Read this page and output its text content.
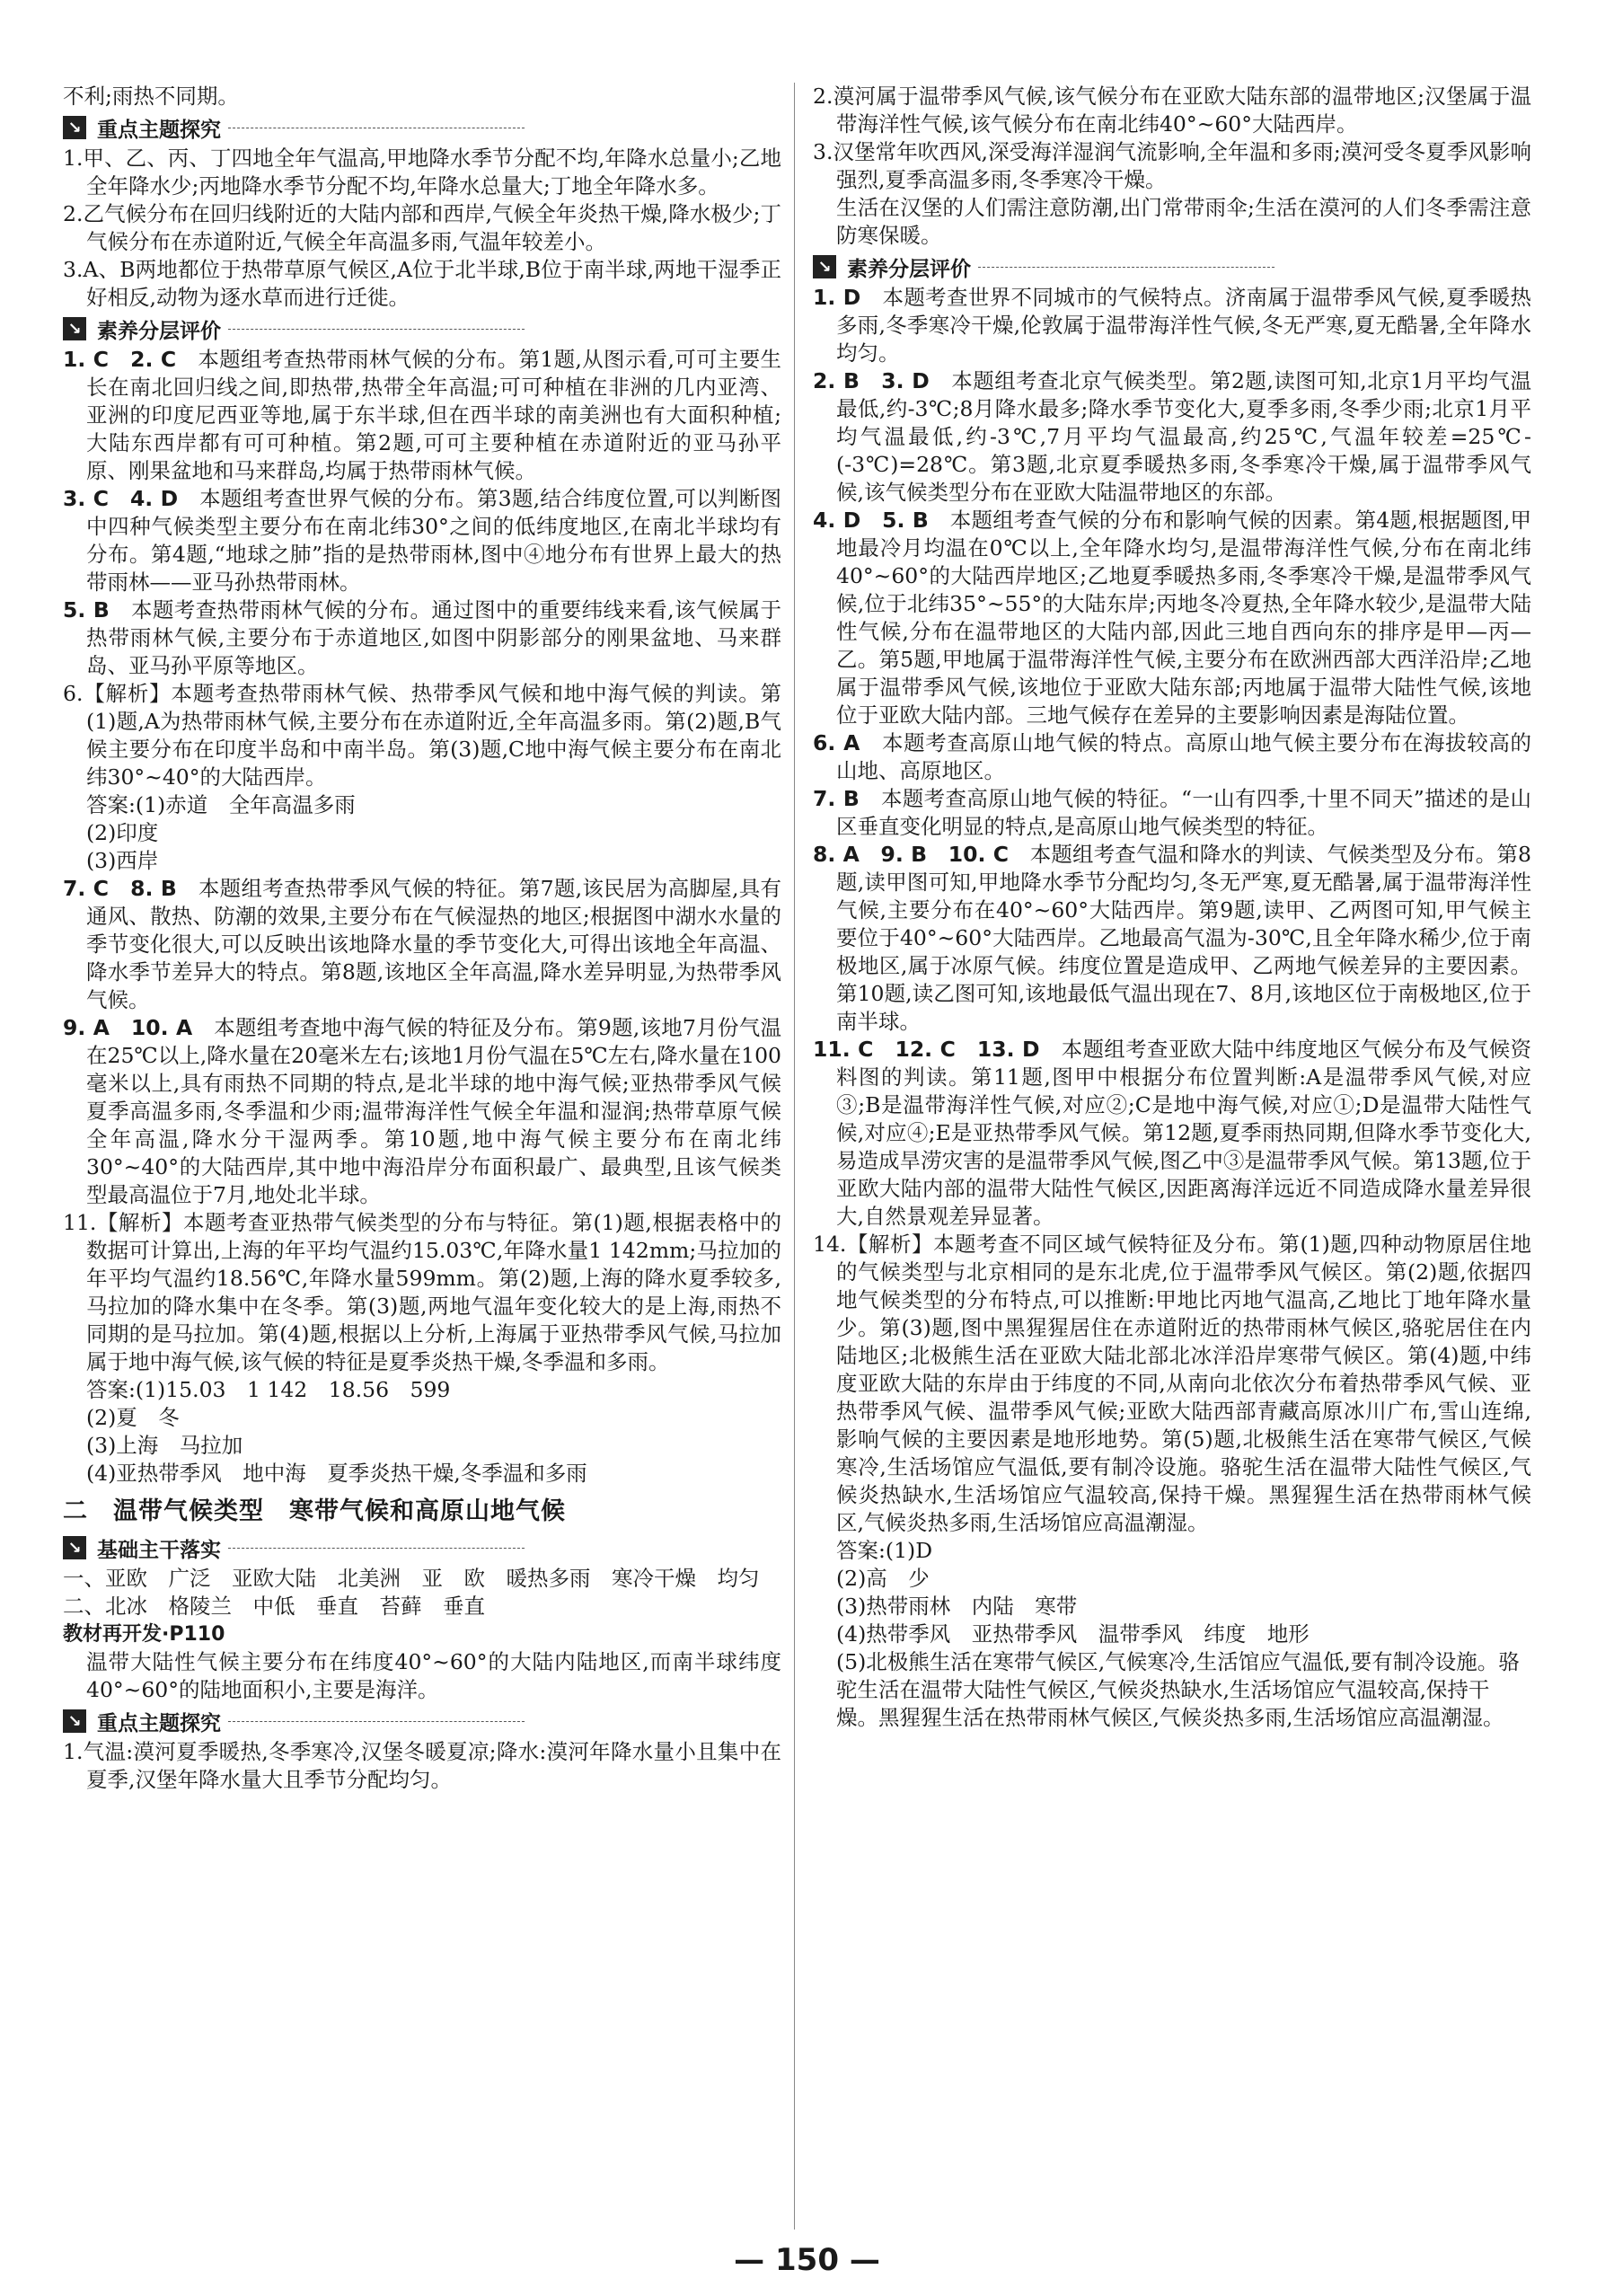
不利;雨热不同期。

↘ 重点主题探究

1.甲、乙、丙、丁四地全年气温高,甲地降水季节分配不均,年降水总量小;乙地全年降水少;丙地降水季节分配不均,年降水总量大;丁地全年降水多。

2.乙气候分布在回归线附近的大陆内部和西岸,气候全年炎热干燥,降水极少;丁气候分布在赤道附近,气候全年高温多雨,气温年较差小。

3.A、B两地都位于热带草原气候区,A位于北半球,B位于南半球,两地干湿季正好相反,动物为逐水草而进行迁徙。

↘ 素养分层评价

1. C　2. C　 本题组考查热带雨林气候的分布。第1题,从图示看,可可主要生长在南北回归线之间,即热带,热带全年高温;可可种植在非洲的几内亚湾、亚洲的印度尼西亚等地,属于东半球,但在西半球的南美洲也有大面积种植;大陆东西岸都有可可种植。第2题,可可主要种植在赤道附近的亚马孙平原、刚果盆地和马来群岛,均属于热带雨林气候。

3. C　4. D　 本题组考查世界气候的分布。第3题,结合纬度位置,可以判断图中四种气候类型主要分布在南北纬30°之间的低纬度地区,在南北半球均有分布。第4题,“地球之肺”指的是热带雨林,图中④地分布有世界上最大的热带雨林——亚马孙热带雨林。

5. B　 本题考查热带雨林气候的分布。通过图中的重要纬线来看,该气候属于热带雨林气候,主要分布于赤道地区,如图中阴影部分的刚果盆地、马来群岛、亚马孙平原等地区。

6.【解析】本题考查热带雨林气候、热带季风气候和地中海气候的判读。第(1)题,A为热带雨林气候,主要分布在赤道附近,全年高温多雨。第(2)题,B气候主要分布在印度半岛和中南半岛。第(3)题,C地中海气候主要分布在南北纬30°~40°的大陆西岸。

答案:(1)赤道　全年高温多雨

(2)印度

(3)西岸

7. C　8. B　 本题组考查热带季风气候的特征。第7题,该民居为高脚屋,具有通风、散热、防潮的效果,主要分布在气候湿热的地区;根据图中湖水水量的季节变化很大,可以反映出该地降水量的季节变化大,可得出该地全年高温、降水季节差异大的特点。第8题,该地区全年高温,降水差异明显,为热带季风气候。

9. A　10. A　 本题组考查地中海气候的特征及分布。第9题,该地7月份气温在25℃以上,降水量在20毫米左右;该地1月份气温在5℃左右,降水量在100毫米以上,具有雨热不同期的特点,是北半球的地中海气候;亚热带季风气候夏季高温多雨,冬季温和少雨;温带海洋性气候全年温和湿润;热带草原气候全年高温,降水分干湿两季。第10题,地中海气候主要分布在南北纬30°~40°的大陆西岸,其中地中海沿岸分布面积最广、最典型,且该气候类型最高温位于7月,地处北半球。

11.【解析】本题考查亚热带气候类型的分布与特征。第(1)题,根据表格中的数据可计算出,上海的年平均气温约15.03℃,年降水量1 142mm;马拉加的年平均气温约18.56℃,年降水量599mm。第(2)题,上海的降水夏季较多,马拉加的降水集中在冬季。第(3)题,两地气温年变化较大的是上海,雨热不同期的是马拉加。第(4)题,根据以上分析,上海属于亚热带季风气候,马拉加属于地中海气候,该气候的特征是夏季炎热干燥,冬季温和多雨。

答案:(1)15.03　1 142　18.56　599

(2)夏　冬

(3)上海　马拉加

(4)亚热带季风　地中海　夏季炎热干燥,冬季温和多雨

二　温带气候类型　寒带气候和高原山地气候
↘ 基础主干落实

一、亚欧　广泛　亚欧大陆　北美洲　亚　欧　暖热多雨　寒冷干燥　均匀

二、北冰　格陵兰　中低　垂直　苔藓　垂直

教材再开发·P110

温带大陆性气候主要分布在纬度40°~60°的大陆内陆地区,而南半球纬度40°~60°的陆地面积小,主要是海洋。

↘ 重点主题探究

1.气温:漠河夏季暖热,冬季寒冷,汉堡冬暖夏凉;降水:漠河年降水量小且集中在夏季,汉堡年降水量大且季节分配均匀。

2.漠河属于温带季风气候,该气候分布在亚欧大陆东部的温带地区;汉堡属于温带海洋性气候,该气候分布在南北纬40°~60°大陆西岸。

3.汉堡常年吹西风,深受海洋湿润气流影响,全年温和多雨;漠河受冬夏季风影响强烈,夏季高温多雨,冬季寒冷干燥。

生活在汉堡的人们需注意防潮,出门常带雨伞;生活在漠河的人们冬季需注意防寒保暖。

↘ 素养分层评价

1. D　 本题考查世界不同城市的气候特点。济南属于温带季风气候,夏季暖热多雨,冬季寒冷干燥,伦敦属于温带海洋性气候,冬无严寒,夏无酷暑,全年降水均匀。

2. B　3. D　 本题组考查北京气候类型。第2题,读图可知,北京1月平均气温最低,约-3℃;8月降水最多;降水季节变化大,夏季多雨,冬季少雨;北京1月平均气温最低,约-3℃,7月平均气温最高,约25℃,气温年较差=25℃-(-3℃)=28℃。第3题,北京夏季暖热多雨,冬季寒冷干燥,属于温带季风气候,该气候类型分布在亚欧大陆温带地区的东部。

4. D　5. B　 本题组考查气候的分布和影响气候的因素。第4题,根据题图,甲地最冷月均温在0℃以上,全年降水均匀,是温带海洋性气候,分布在南北纬40°~60°的大陆西岸地区;乙地夏季暖热多雨,冬季寒冷干燥,是温带季风气候,位于北纬35°~55°的大陆东岸;丙地冬冷夏热,全年降水较少,是温带大陆性气候,分布在温带地区的大陆内部,因此三地自西向东的排序是甲—丙—乙。第5题,甲地属于温带海洋性气候,主要分布在欧洲西部大西洋沿岸;乙地属于温带季风气候,该地位于亚欧大陆东部;丙地属于温带大陆性气候,该地位于亚欧大陆内部。三地气候存在差异的主要影响因素是海陆位置。

6. A　 本题考查高原山地气候的特点。高原山地气候主要分布在海拔较高的山地、高原地区。

7. B　 本题考查高原山地气候的特征。“一山有四季,十里不同天”描述的是山区垂直变化明显的特点,是高原山地气候类型的特征。

8. A　9. B　10. C　 本题组考查气温和降水的判读、气候类型及分布。第8题,读甲图可知,甲地降水季节分配均匀,冬无严寒,夏无酷暑,属于温带海洋性气候,主要分布在40°~60°大陆西岸。第9题,读甲、乙两图可知,甲气候主要位于40°~60°大陆西岸。乙地最高气温为-30℃,且全年降水稀少,位于南极地区,属于冰原气候。纬度位置是造成甲、乙两地气候差异的主要因素。第10题,读乙图可知,该地最低气温出现在7、8月,该地区位于南极地区,位于南半球。

11. C　12. C　13. D　 本题组考查亚欧大陆中纬度地区气候分布及气候资料图的判读。第11题,图甲中根据分布位置判断:A是温带季风气候,对应③;B是温带海洋性气候,对应②;C是地中海气候,对应①;D是温带大陆性气候,对应④;E是亚热带季风气候。第12题,夏季雨热同期,但降水季节变化大,易造成旱涝灾害的是温带季风气候,图乙中③是温带季风气候。第13题,位于亚欧大陆内部的温带大陆性气候区,因距离海洋远近不同造成降水量差异很大,自然景观差异显著。

14.【解析】本题考查不同区域气候特征及分布。第(1)题,四种动物原居住地的气候类型与北京相同的是东北虎,位于温带季风气候区。第(2)题,依据四地气候类型的分布特点,可以推断:甲地比丙地气温高,乙地比丁地年降水量少。第(3)题,图中黑猩猩居住在赤道附近的热带雨林气候区,骆驼居住在内陆地区;北极熊生活在亚欧大陆北部北冰洋沿岸寒带气候区。第(4)题,中纬度亚欧大陆的东岸由于纬度的不同,从南向北依次分布着热带季风气候、亚热带季风气候、温带季风气候;亚欧大陆西部青藏高原冰川广布,雪山连绵,影响气候的主要因素是地形地势。第(5)题,北极熊生活在寒带气候区,气候寒冷,生活场馆应气温低,要有制冷设施。骆驼生活在温带大陆性气候区,气候炎热缺水,生活场馆应气温较高,保持干燥。黑猩猩生活在热带雨林气候区,气候炎热多雨,生活场馆应高温潮湿。

答案:(1)D

(2)高　少

(3)热带雨林　内陆　寒带

(4)热带季风　亚热带季风　温带季风　纬度　地形

(5)北极熊生活在寒带气候区,气候寒冷,生活馆应气温低,要有制冷设施。骆驼生活在温带大陆性气候区,气候炎热缺水,生活场馆应气温较高,保持干燥。黑猩猩生活在热带雨林气候区,气候炎热多雨,生活场馆应高温潮湿。

— 150 —
